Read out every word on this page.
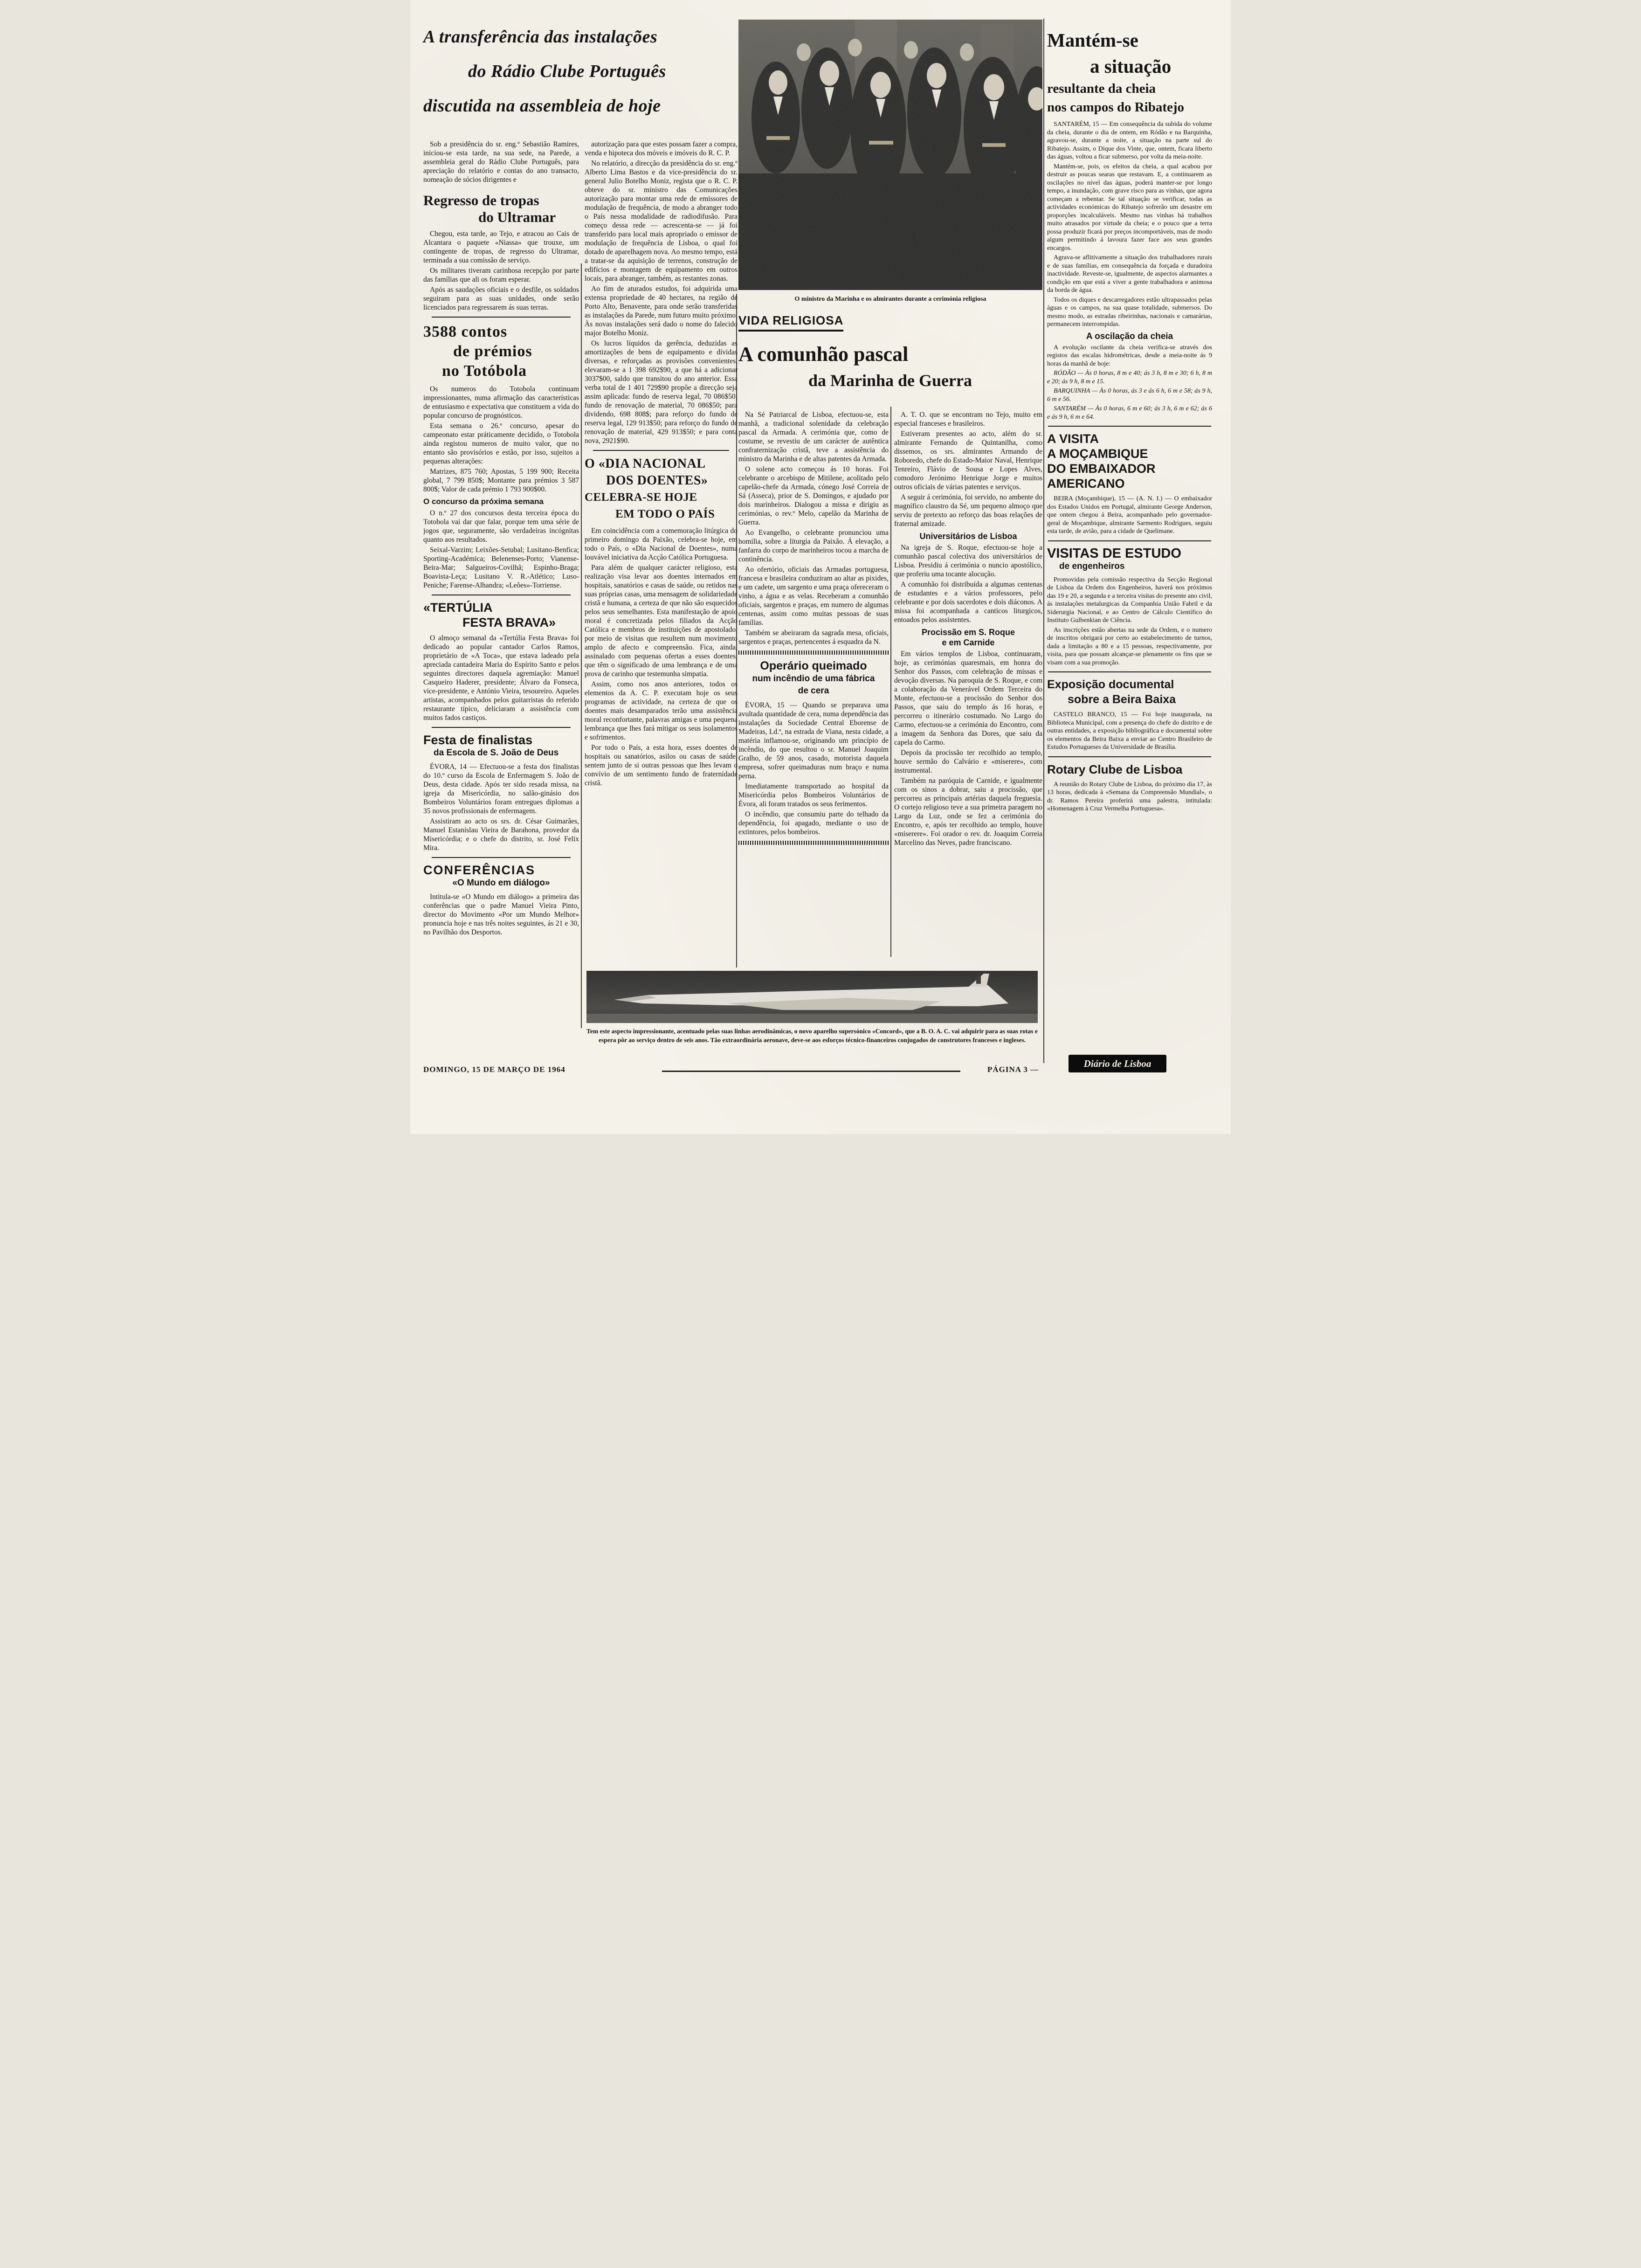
A transferência das instalações
do Rádio Clube Português
discutida na assembleia de hoje

Sob a presidência do sr. eng.º Sebastião Ramires, iniciou-se esta tarde, na sua sede, na Parede, a assembleia geral do Rádio Clube Português, para apreciação do relatório e contas do ano transacto, nomeação de sócios dirigentes e

Regresso de tropas
do Ultramar

Chegou, esta tarde, ao Tejo, e atracou ao Cais de Alcantara o paquete «Niassa» que trouxe, um contingente de tropas, de regresso do Ultramar, terminada a sua comissão de serviço.

Os militares tiveram carinhosa recepção por parte das famílias que ali os foram esperar.

Após as saudações oficiais e o desfile, os soldados seguiram para as suas unidades, onde serão licenciados para regressarem ás suas terras.

3588 contos
de prémios
no Totóbola

Os numeros do Totobola continuam impressionantes, numa afirmação das características de entusiasmo e expectativa que constituem a vida do popular concurso de prognósticos.

Esta semana o 26.º concurso, apesar do campeonato estar práticamente decidido, o Totobola ainda registou numeros de muito valor, que no entanto são provisórios e estão, por isso, sujeitos a pequenas alterações:

Matrizes, 875 760; Apostas, 5 199 900; Receita global, 7 799 850$; Montante para prémios 3 587 800$; Valor de cada prémio 1 793 900$00.

O concurso da próxima semana

O n.º 27 dos concursos desta terceira época do Totobola vai dar que falar, porque tem uma série de jogos que, seguramente, são verdadeiras incógnitas quanto aos resultados.

Seixal-Varzim; Leixões-Setubal; Lusitano-Benfica; Sporting-Académica; Belenenses-Porto; Vianense-Beira-Mar; Salgueiros-Covilhã; Espinho-Braga; Boavista-Leça; Lusitano V. R.-Atlético; Luso-Peniche; Farense-Alhandra; «Leões»-Torriense.

«TERTÚLIA
FESTA BRAVA»

O almoço semanal da «Tertúlia Festa Brava» foi dedicado ao popular cantador Carlos Ramos, proprietário de «A Toca», que estava ladeado pela apreciada cantadeira Maria do Espírito Santo e pelos seguintes directores daquela agremiação: Manuel Casqueiro Haderer, presidente; Álvaro da Fonseca, vice-presidente, e António Vieira, tesoureiro. Aqueles artistas, acompanhados pelos guitarristas do referido restaurante típico, deliciaram a assistência com muitos fados castiços.

Festa de finalistas
da Escola de S. João de Deus

ÉVORA, 14 — Efectuou-se a festa dos finalistas do 10.º curso da Escola de Enfermagem S. João de Deus, desta cidade. Após ter sido resada missa, na igreja da Misericórdia, no salão-ginásio dos Bombeiros Voluntários foram entregues diplomas a 35 novos profissionais de enfermagem.

Assistiram ao acto os srs. dr. César Guimarães, Manuel Estanislau Vieira de Barahona, provedor da Misericórdia; e o chefe do distrito, sr. José Felix Mira.

CONFERÊNCIAS
«O Mundo em diálogo»

Intitula-se «O Mundo em diálogo» a primeira das conferências que o padre Manuel Vieira Pinto, director do Movimento «Por um Mundo Melhor» pronuncia hoje e nas três noites seguintes, ás 21 e 30, no Pavilhão dos Desportos.

autorização para que estes possam fazer a compra, venda e hipoteca dos móveis e imóveis do R. C. P.

No relatório, a direcção da presidência do sr. eng.º Alberto Lima Bastos e da vice-presidência do sr. general Julio Botelho Moniz, regista que o R. C. P. obteve do sr. ministro das Comunicações autorização para montar uma rede de emissores de modulação de frequência, de modo a abranger todo o País nessa modalidade de radiodifusão. Para começo dessa rede — acrescenta-se — já foi transferido para local mais apropriado o emissor de modulação de frequência de Lisboa, o qual foi dotado de aparelhagem nova. Ao mesmo tempo, está a tratar-se da aquisição de terrenos, construção de edifícios e montagem de equipamento em outros locais, para abranger, também, as restantes zonas.

Ao fim de aturados estudos, foi adquirida uma extensa propriedade de 40 hectares, na região de Porto Alto, Benavente, para onde serão transferidas as instalações da Parede, num futuro muito próximo. Às novas instalações será dado o nome do falecido major Botelho Moniz.

Os lucros líquidos da gerência, deduzidas as amortizações de bens de equipamento e dívidas diversas, e reforçadas as provisões convenientes, elevaram-se a 1 398 692$90, a que há a adicionar 3037$00, saldo que transitou do ano anterior. Essa verba total de 1 401 729$90 propõe a direcção seja assim aplicada: fundo de reserva legal, 70 086$50; fundo de renovação de material, 70 086$50; para dividendo, 698 808$; para reforço do fundo de reserva legal, 129 913$50; para reforço do fundo de renovação de material, 429 913$50; e para conta nova, 2921$90.

O «DIA NACIONAL
DOS DOENTES»
CELEBRA-SE HOJE
EM TODO O PAÍS

Em coincidência com a comemoração litúrgica do primeiro domingo da Paixão, celebra-se hoje, em todo o País, o «Dia Nacional de Doentes», numa louvável iniciativa da Acção Católica Portuguesa.

Para além de qualquer carácter religioso, esta realização visa levar aos doentes internados em hospitais, sanatórios e casas de saúde, ou retidos nas suas próprias casas, uma mensagem de solidariedade cristã e humana, a certeza de que não são esquecidos pelos seus semelhantes. Esta manifestação de apoio moral é concretizada pelos filiados da Acção Católica e membros de instituições de apostolado, por meio de visitas que resultem num movimento amplo de afecto e compreensão. Fica, ainda, assinalado com pequenas ofertas a esses doentes, que têm o significado de uma lembrança e de uma prova de carinho que testemunha simpatia.

Assim, como nos anos anteriores, todos os elementos da A. C. P. executam hoje os seus programas de actividade, na certeza de que os doentes mais desamparados terão uma assistência moral reconfortante, palavras amigas e uma pequena lembrança que lhes fará mitigar os seus isolamentos e sofrimentos.

Por todo o País, a esta hora, esses doentes de hospitais ou sanatórios, asilos ou casas de saúde, sentem junto de si outras pessoas que lhes levam o convívio de um sentimento fundo de fraternidade cristã.

O ministro da Marinha e os almirantes durante a cerimónia religiosa
VIDA RELIGIOSA
A comunhão pascal
da Marinha de Guerra

Na Sé Patriarcal de Lisboa, efectuou-se, esta manhã, a tradicional solenidade da celebração pascal da Armada. A cerimónia que, como de costume, se revestiu de um carácter de autêntica confraternização cristã, teve a assistência do ministro da Marinha e de altas patentes da Armada.

O solene acto começou ás 10 horas. Foi celebrante o arcebispo de Mitilene, acolitado pelo capelão-chefe da Armada, cónego José Correia de Sá (Asseca), prior de S. Domingos, e ajudado por dois marinheiros. Dialogou a missa e dirigiu as cerimónias, o rev.º Melo, capelão da Marinha de Guerra.

Ao Evangelho, o celebrante pronunciou uma homilia, sobre a liturgia da Paixão. Á elevação, a fanfarra do corpo de marinheiros tocou a marcha de continência.

Ao ofertório, oficiais das Armadas portuguesa, francesa e brasileira conduziram ao altar as pixides, e um cadete, um sargento e uma praça ofereceram o vinho, a água e as velas. Receberam a comunhão oficiais, sargentos e praças, em numero de algumas centenas, assim como muitas pessoas de suas famílias.

Também se abeiraram da sagrada mesa, oficiais, sargentos e praças, pertencentes á esquadra da N.

Operário queimado
num incêndio de uma fábrica
de cera

ÉVORA, 15 — Quando se preparava uma avultada quantidade de cera, numa dependência das instalações da Sociedade Central Eborense de Madeiras, Ld.ª, na estrada de Viana, nesta cidade, a matéria inflamou-se, originando um princípio de incêndio, do que resultou o sr. Manuel Joaquim Gralho, de 59 anos, casado, motorista daquela empresa, sofrer queimaduras num braço e numa perna.

Imediatamente transportado ao hospital da Misericórdia pelos Bombeiros Voluntários de Évora, ali foram tratados os seus ferimentos.

O incêndio, que consumiu parte do telhado da dependência, foi apagado, mediante o uso de extintores, pelos bombeiros.

A. T. O. que se encontram no Tejo, muito em especial franceses e brasileiros.

Estiveram presentes ao acto, além do sr. almirante Fernando de Quintanilha, como dissemos, os srs. almirantes Armando de Roboredo, chefe do Estado-Maior Naval, Henrique Tenreiro, Flávio de Sousa e Lopes Alves, comodoro Jerónimo Henrique Jorge e muitos outros oficiais de várias patentes e serviços.

A seguir á cerimónia, foi servido, no ambente do magnífico claustro da Sé, um pequeno almoço que serviu de pretexto ao reforço das boas relações de fraternal amizade.

Universitários de Lisboa

Na igreja de S. Roque, efectuou-se hoje a comunhão pascal colectiva dos universitários de Lisboa. Presidiu á cerimónia o nuncio apostólico, que proferiu uma tocante alocução.

A comunhão foi distribuída a algumas centenas de estudantes e a vários professores, pelo celebrante e por dois sacerdotes e dois diáconos. A missa foi acompanhada a canticos liturgicos, entoados pelos assistentes.

Procissão em S. Roque
e em Carnide

Em vários templos de Lisboa, continuaram, hoje, as cerimónias quaresmais, em honra do Senhor dos Passos, com celebração de missas e devoção diversas. Na paroquia de S. Roque, e com a colaboração da Venerável Ordem Terceira do Monte, efectuou-se a procissão do Senhor dos Passos, que saiu do templo ás 16 horas, e percorreu o itinerário costumado. No Largo do Carmo, efectuou-se a cerimónia do Encontro, com a imagem da Senhora das Dores, que saiu da capela do Carmo.

Depois da procissão ter recolhido ao templo, houve sermão do Calvário e «miserere», com instrumental.

Também na paróquia de Carnide, e igualmente com os sinos a dobrar, saiu a procissão, que percorreu as principais artérias daquela freguesia. O cortejo religioso teve a sua primeira paragem no Largo da Luz, onde se fez a cerimónia do Encontro, e, após ter recolhido ao templo, houve «miserere». Foi orador o rev. dr. Joaquim Correia Marcelino das Neves, padre franciscano.

Tem este aspecto impressionante, acentuado pelas suas linhas aerodinâmicas, o novo aparelho supersónico «Concord», que a B. O. A. C. vai adquirir para as suas rotas e espera pôr ao serviço dentro de seis anos. Tão extraordinária aeronave, deve-se aos esforços técnico-financeiros conjugados de construtores franceses e ingleses.
Mantém-se
a situação
resultante da cheia
nos campos do Ribatejo

SANTARÉM, 15 — Em consequência da subida do volume da cheia, durante o dia de ontem, em Ródão e na Barquinha, agravou-se, durante a noite, a situação na parte sul do Ribatejo. Assim, o Dique dos Vinte, que, ontem, ficara liberto das águas, voltou a ficar submerso, por volta da meia-noite.

Mantém-se, pois, os efeitos da cheia, a qual acabou por destruir as poucas searas que restavam. E, a continuarem as oscilações no nível das águas, poderá manter-se por longo tempo, a inundação, com grave risco para as vinhas, que agora começam a rebentar. Se tal situação se verificar, todas as actividades económicas do Ribatejo sofrerão um desastre em proporções incalculáveis. Mesmo nas vinhas há trabalhos muito atrasados por virtude da cheia; e o pouco que a terra possa produzir ficará por preços incomportáveis, mas de modo algum permitindo á lavoura fazer face aos seus grandes encargos.

Agrava-se aflitivamente a situação dos trabalhadores rurais e de suas famílias, em consequência da forçada e duradoira inactividade. Reveste-se, igualmente, de aspectos alarmantes a condição em que está a viver a gente trabalhadora e animosa da borda de água.

Todos os diques e descarregadores estão ultrapassados pelas águas e os campos, na sua quase totalidade, submersos. Do mesmo modo, as estradas ribeirinhas, nacionais e camarárias, permanecem interrompidas.

A oscilação da cheia

A evolução oscilante da cheia verifica-se através dos registos das escalas hidrométricas, desde a meia-noite ás 9 horas da manhã de hoje:

RÓDÃO — Às 0 horas, 8 m e 40; ás 3 h, 8 m e 30; 6 h, 8 m e 20; ás 9 h, 8 m e 15.

BARQUINHA — Às 0 horas, ás 3 e ás 6 h, 6 m e 58; ás 9 h, 6 m e 56.

SANTARÉM — Às 0 horas, 6 m e 60; ás 3 h, 6 m e 62; ás 6 e ás 9 h, 6 m e 64.

A VISITA
A MOÇAMBIQUE
DO EMBAIXADOR
AMERICANO

BEIRA (Moçambique), 15 — (A. N. I.) — O embaixador dos Estados Unidos em Portugal, almirante George Anderson, que ontem chegou á Beira, acompanhado pelo governador-geral de Moçambique, almirante Sarmento Rodrigues, seguiu esta tarde, de avião, para a cidade de Quelimane.

VISITAS DE ESTUDO
de engenheiros

Promovidas pela comissão respectiva da Secção Regional de Lisboa da Ordem dos Engenheiros, haverá nos próximos das 19 e 20, a segunda e a terceira visitas do presente ano civil, ás instalações metalurgicas da Companhia União Fabril e da Siderurgia Nacional, e ao Centro de Cálculo Científico do Instituto Gulbenkian de Ciência.

As inscrições estão abertas na sede da Ordem, e o numero de inscritos obrigará por certo ao estabelecimento de turnos, dada a limitação a 80 e a 15 pessoas, respectivamente, por visita, para que possam alcançar-se plenamente os fins que se visam com a sua promoção.

Exposição documental
sobre a Beira Baixa

CASTELO BRANCO, 15 — Foi hoje inaugurada, na Biblioteca Municipal, com a presença do chefe do distrito e de outras entidades, a exposição bibliográfica e documental sobre os elementos da Beira Baixa a enviar ao Centro Brasileiro de Estudos Portugueses da Universidade de Brasília.

Rotary Clube de Lisboa

A reunião do Rotary Clube de Lisboa, do próximo dia 17, às 13 horas, dedicada à «Semana da Compreensão Mundial», o dr. Ramos Pereira proferirá uma palestra, intitulada: «Homenagem à Cruz Vermelha Portuguesa».

DOMINGO, 15 DE MARÇO DE 1964	PÁGINA 3 —
Diário de Lisboa
